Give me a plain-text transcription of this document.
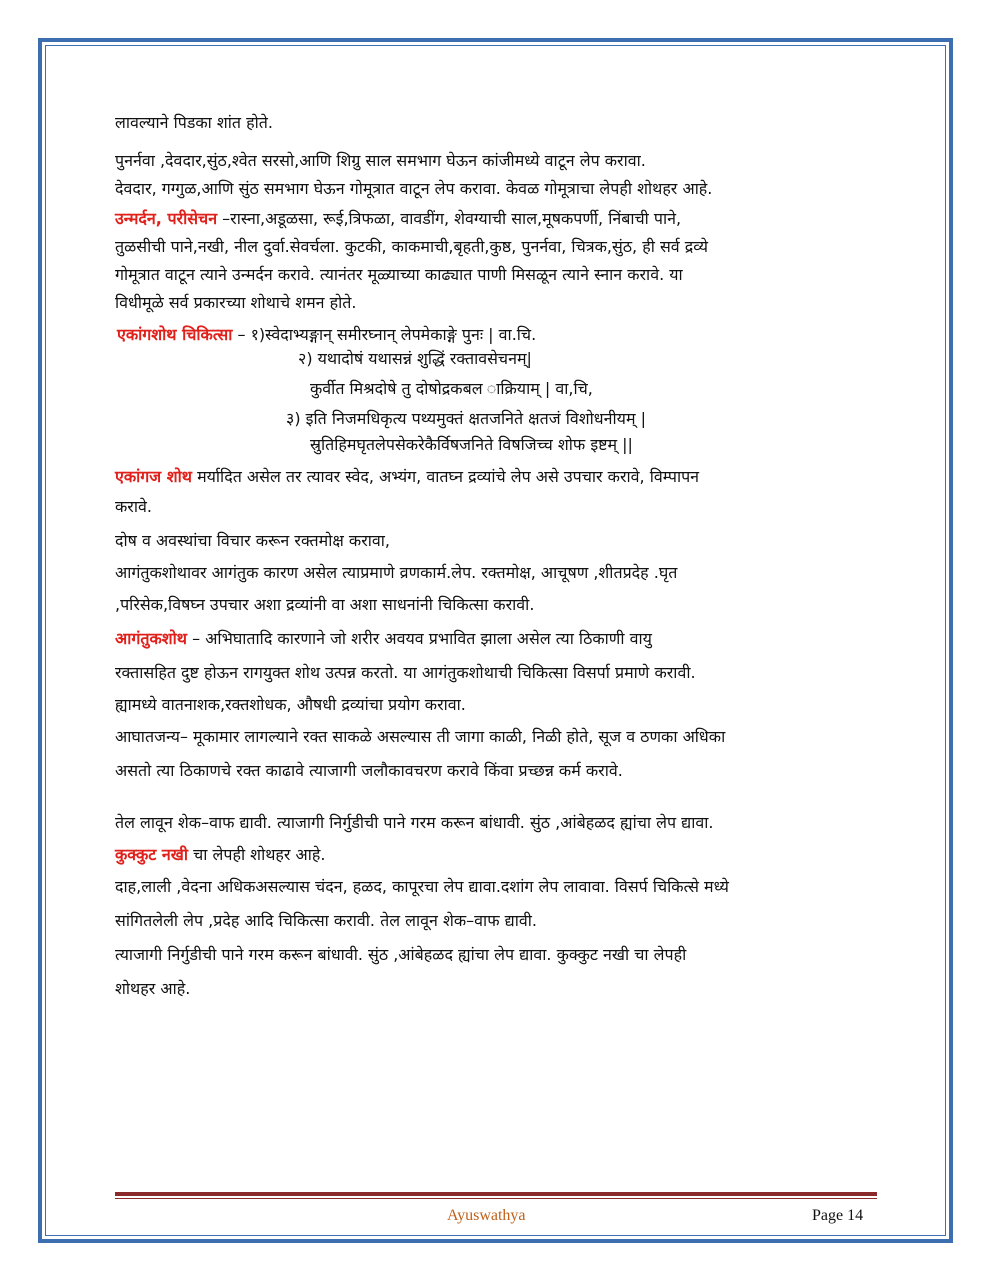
लावल्याने पिडका शांत होते.
पुनर्नवा ,देवदार,सुंठ,श्वेत सरसो,आणि शिग्रु साल समभाग घेऊन कांजीमध्ये वाटून लेप करावा.
देवदार, गग्गुळ,आणि सुंठ समभाग घेऊन गोमूत्रात वाटून लेप करावा. केवळ गोमूत्राचा लेपही शोथहर आहे.
उन्मर्दन, परीसेचन –रास्ना,अडूळसा, रूई,त्रिफळा, वावडींग, शेवग्याची साल,मूषकपर्णी, निंबाची पाने,
तुळसीची पाने,नखी, नील दुर्वा.सेवर्चला. कुटकी, काकमाची,बृहती,कुष्ठ, पुनर्नवा, चित्रक,सुंठ, ही सर्व द्रव्ये
गोमूत्रात वाटून त्याने उन्मर्दन करावे. त्यानंतर मूळ्याच्या काढ्यात पाणी मिसळून त्याने स्नान करावे. या
विधीमूळे सर्व प्रकारच्या शोथाचे शमन होते.
एकांगशोथ चिकित्सा – १)स्वेदाभ्यङ्गान् समीरघ्नान् लेपमेकाङ्गे पुनः | वा.चि.
२) यथादोषं यथासन्नं शुद्धिं रक्तावसेचनम्|
कुर्वीत मिश्रदोषे तु दोषोद्रकबल ाक्रियाम् | वा,चि,
३) इति निजमधिकृत्य पथ्यमुक्तं क्षतजनिते क्षतजं विशोधनीयम् |
स्रुतिहिमघृतलेपसेकरेकैर्विषजनिते विषजिच्च शोफ इष्टम् ||
एकांगज शोथ मर्यादित असेल तर त्यावर स्वेद, अभ्यंग, वातघ्न द्रव्यांचे लेप असे उपचार करावे, विम्पापन
करावे.
दोष व अवस्थांचा विचार करून रक्तमोक्ष करावा,
आगंतुकशोथावर आगंतुक कारण असेल त्याप्रमाणे व्रणकार्म.लेप. रक्तमोक्ष, आचूषण ,शीतप्रदेह .घृत
,परिसेक,विषघ्न उपचार अशा द्रव्यांनी वा अशा साधनांनी चिकित्सा करावी.
आगंतुकशोथ – अभिघातादि कारणाने जो शरीर अवयव प्रभावित झाला असेल त्या ठिकाणी वायु
रक्तासहित दुष्ट होऊन रागयुक्त शोथ उत्पन्न करतो. या आगंतुकशोथाची चिकित्सा विसर्पा प्रमाणे करावी.
ह्यामध्ये वातनाशक,रक्तशोधक, औषधी द्रव्यांचा प्रयोग करावा.
आघातजन्य– मूकामार लागल्याने रक्त साकळे असल्यास ती जागा काळी, निळी होते, सूज व ठणका अधिका
असतो त्या ठिकाणचे रक्त काढावे त्याजागी जलौकावचरण करावे किंवा प्रच्छन्न कर्म करावे.
तेल लावून शेक–वाफ द्यावी. त्याजागी निर्गुडीची पाने गरम करून बांधावी. सुंठ ,आंबेहळद ह्यांचा लेप द्यावा.
कुक्कुट नखी चा लेपही शोथहर आहे.
दाह,लाली ,वेदना अधिकअसल्यास चंदन, हळद, कापूरचा लेप द्यावा.दशांग लेप लावावा. विसर्प चिकित्से मध्ये
सांगितलेली लेप ,प्रदेह आदि चिकित्सा करावी. तेल लावून शेक–वाफ द्यावी.
त्याजागी निर्गुडीची पाने गरम करून बांधावी. सुंठ ,आंबेहळद ह्यांचा लेप द्यावा. कुक्कुट नखी चा लेपही
शोथहर आहे.
Ayuswathya	Page 14
